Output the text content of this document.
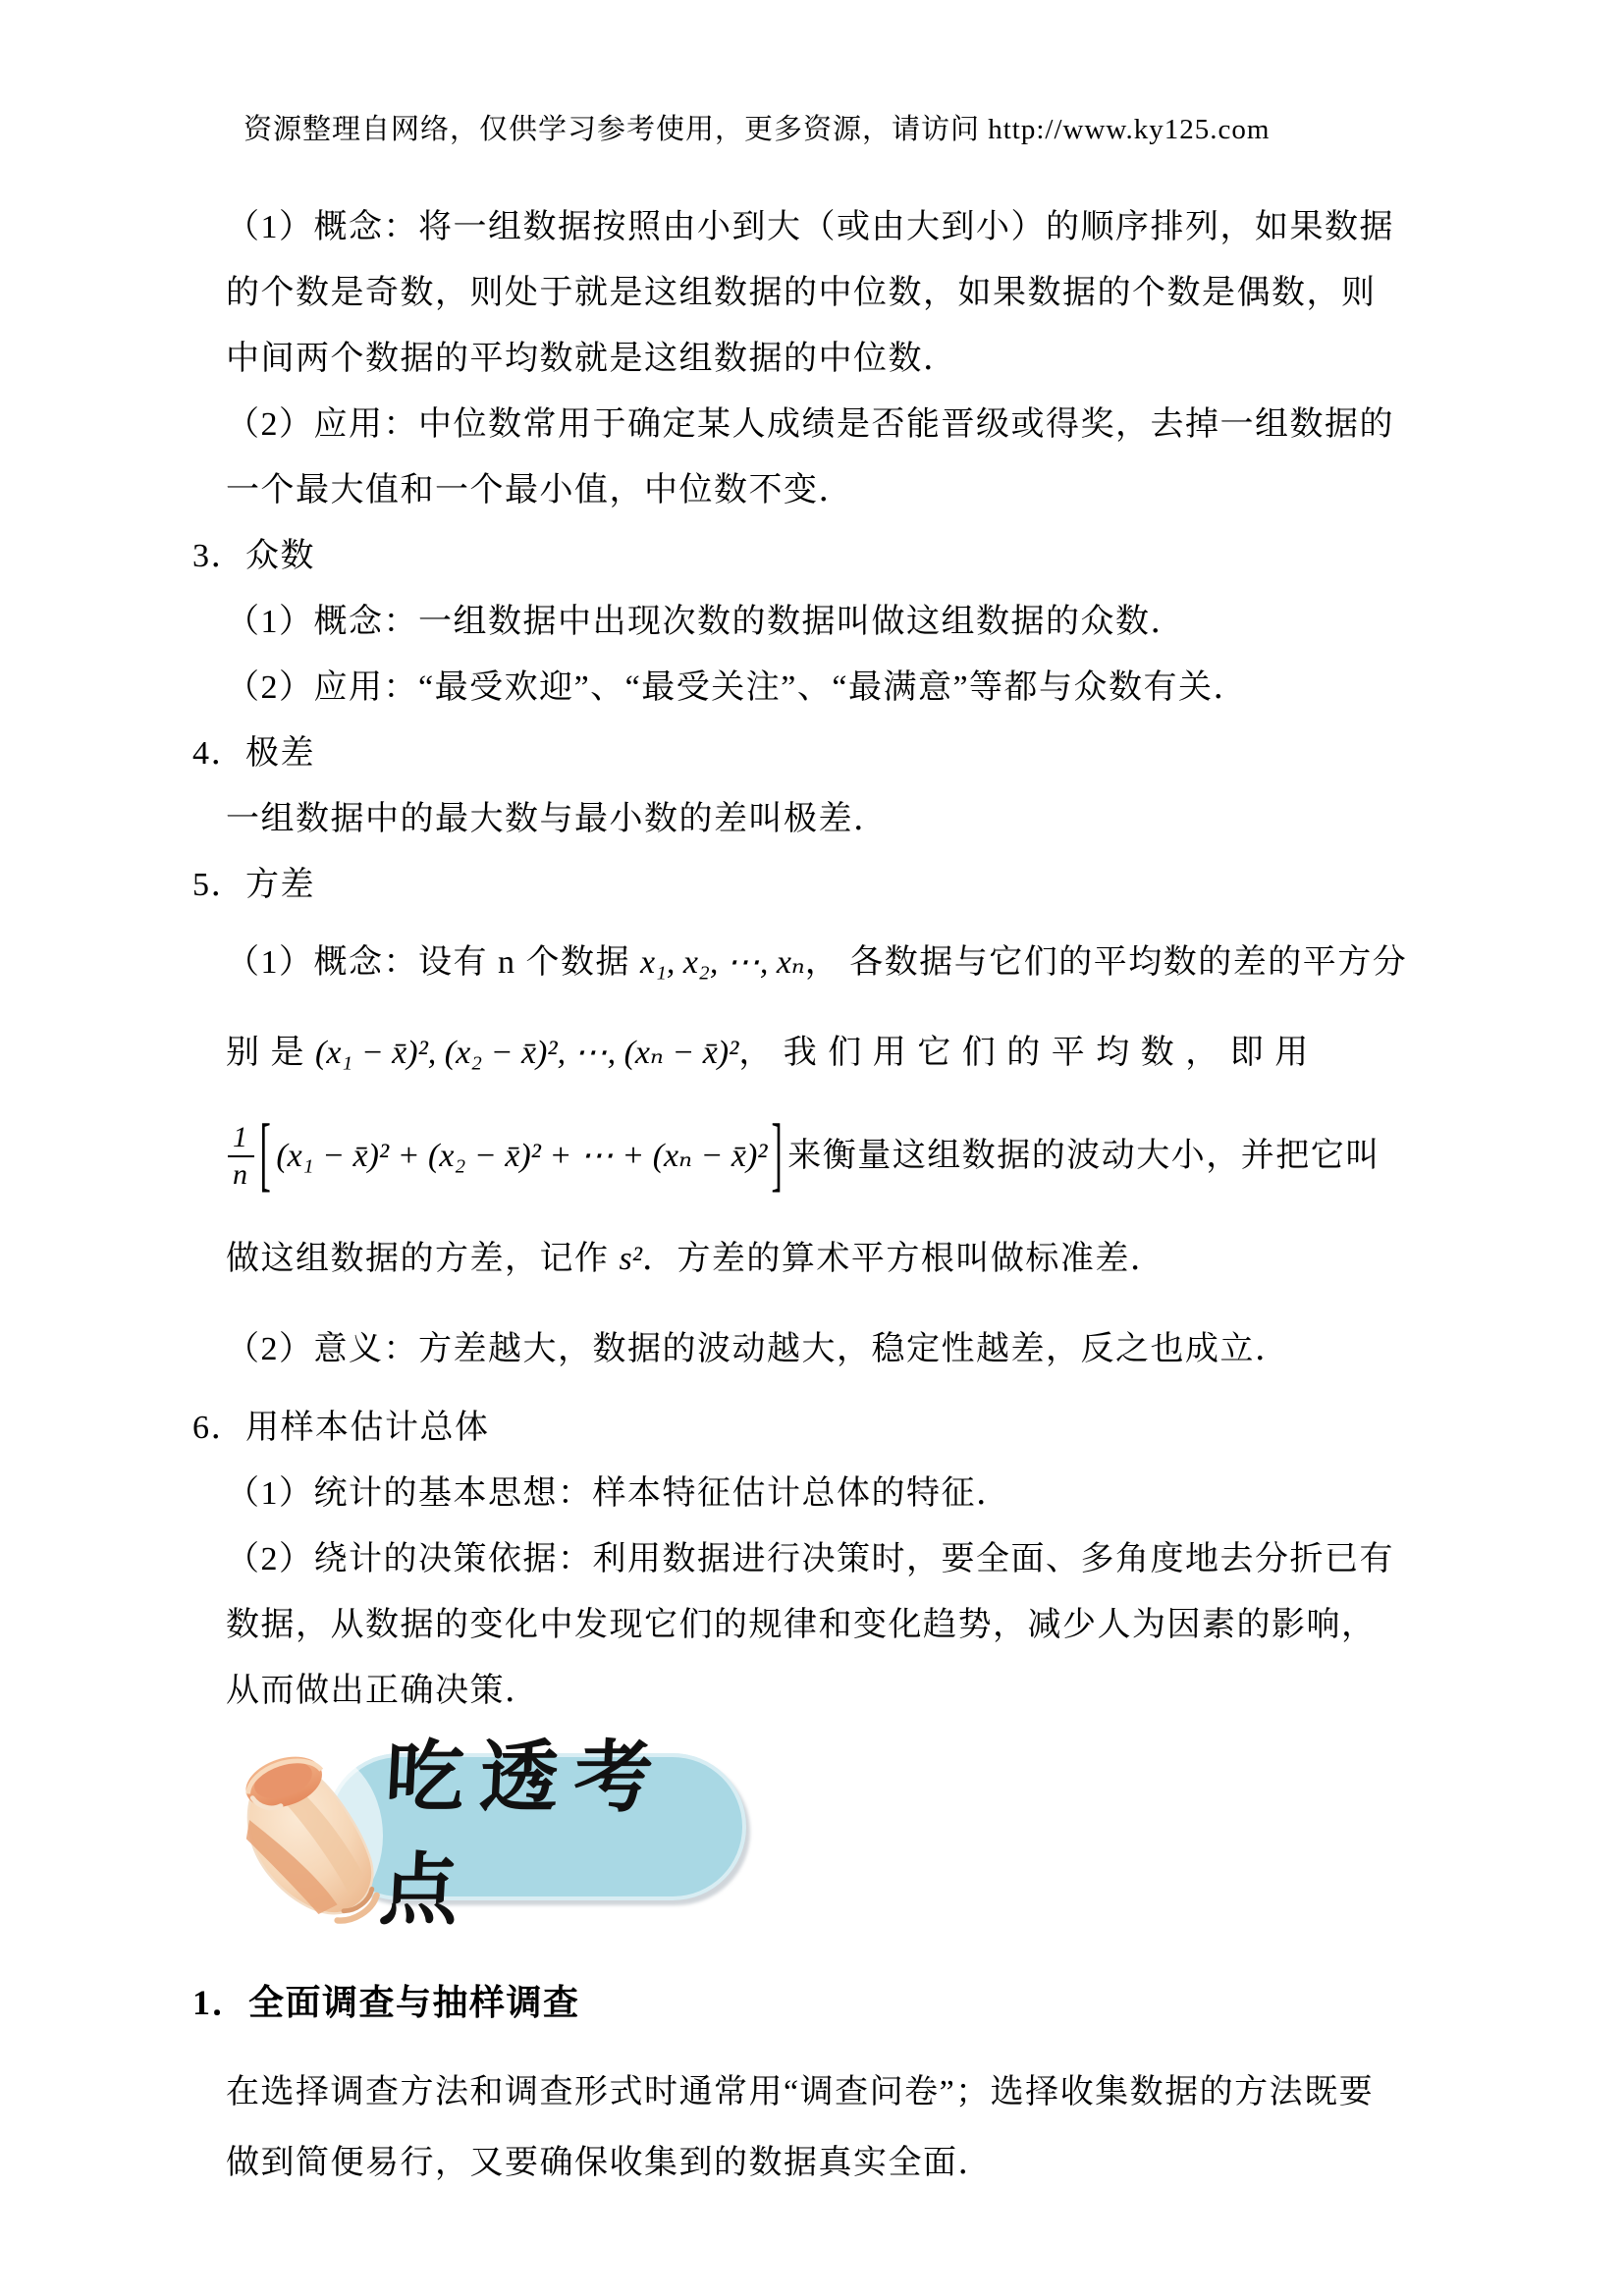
资源整理自网络，仅供学习参考使用，更多资源，请访问 http://www.ky125.com
（1）概念：将一组数据按照由小到大（或由大到小）的顺序排列，如果数据
的个数是奇数，则处于就是这组数据的中位数，如果数据的个数是偶数，则
中间两个数据的平均数就是这组数据的中位数．
（2）应用：中位数常用于确定某人成绩是否能晋级或得奖，去掉一组数据的
一个最大值和一个最小值，中位数不变．
3．众数
（1）概念：一组数据中出现次数的数据叫做这组数据的众数．
（2）应用：“最受欢迎”、“最受关注”、“最满意”等都与众数有关．
4．极差
一组数据中的最大数与最小数的差叫极差．
5．方差
（1）概念：设有 n 个数据 x₁, x₂, ⋯, xₙ， 各数据与它们的平均数的差的平方分
别 是 (x₁ − x̄)², (x₂ − x̄)², ⋯, (xₙ − x̄)²， 我 们 用 它 们 的 平 均 数 ， 即 用
$\frac{1}{n}$ [ (x₁ − x̄)² + (x₂ − x̄)² + ⋯ + (xₙ − x̄)² ] 来衡量这组数据的波动大小，并把它叫
做这组数据的方差，记作 s²．方差的算术平方根叫做标准差．
（2）意义：方差越大，数据的波动越大，稳定性越差，反之也成立．
6．用样本估计总体
（1）统计的基本思想：样本特征估计总体的特征．
（2）绕计的决策依据：利用数据进行决策时，要全面、多角度地去分折已有
数据，从数据的变化中发现它们的规律和变化趋势，减少人为因素的影响，
从而做出正确决策．
吃透考点
1．全面调查与抽样调查
在选择调查方法和调查形式时通常用“调查问卷”；选择收集数据的方法既要
做到简便易行，又要确保收集到的数据真实全面．
